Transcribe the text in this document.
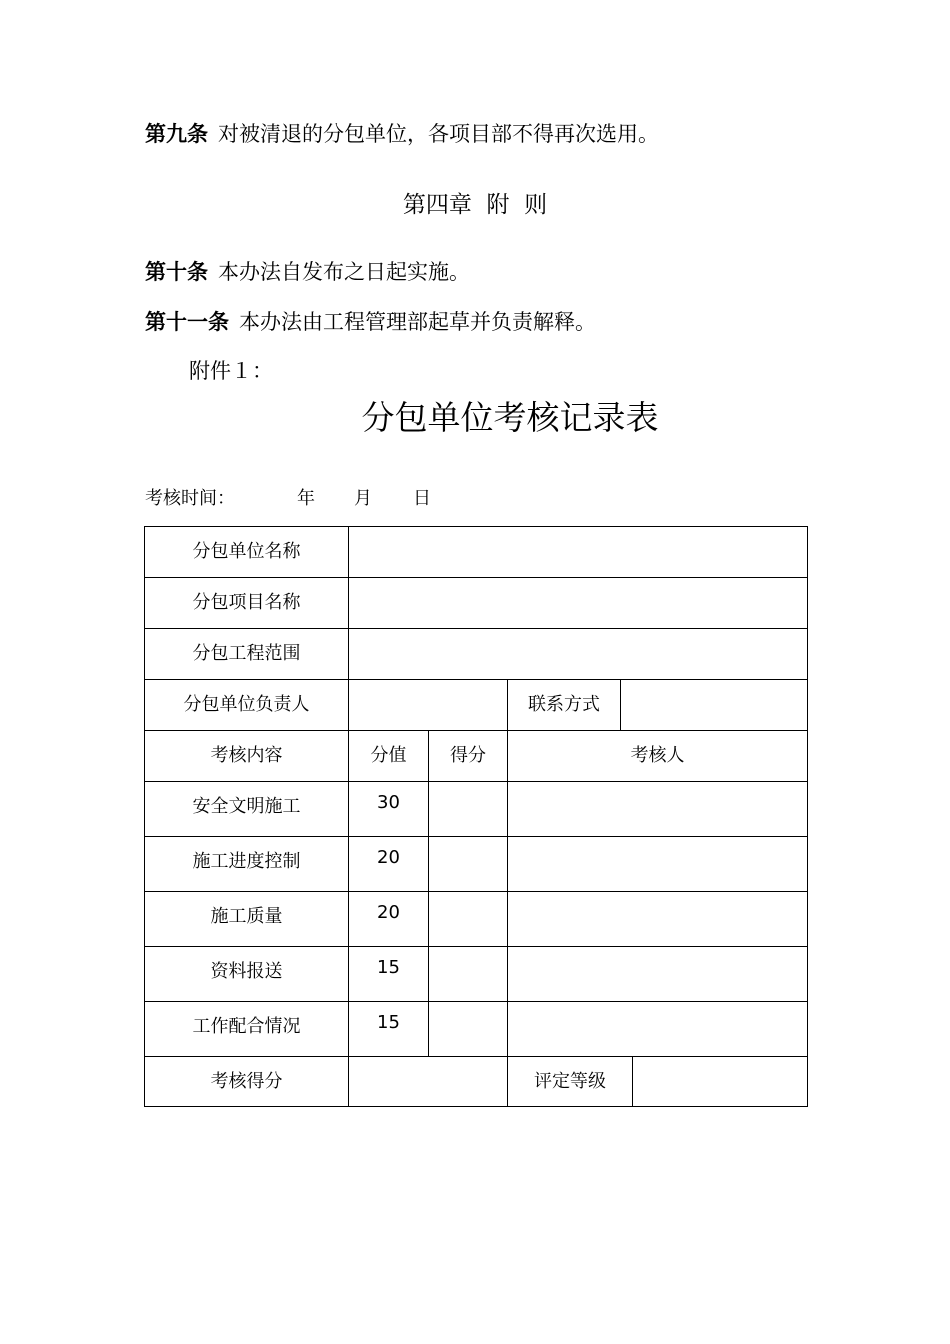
第九条 对被清退的分包单位，各项目部不得再次选用。
第四章  附  则
第十条 本办法自发布之日起实施。
第十一条 本办法由工程管理部起草并负责解释。
附件１：
分包单位考核记录表
考核时间：	年 月 日
分包单位名称					
分包项目名称					
分包工程范围					
分包单位负责人			联系方式		
考核内容	分值	得分	考核人		
安全文明施工	30				
施工进度控制	20				
施工质量	20				
资料报送	15				
工作配合情况	15				
考核得分			评定等级		
